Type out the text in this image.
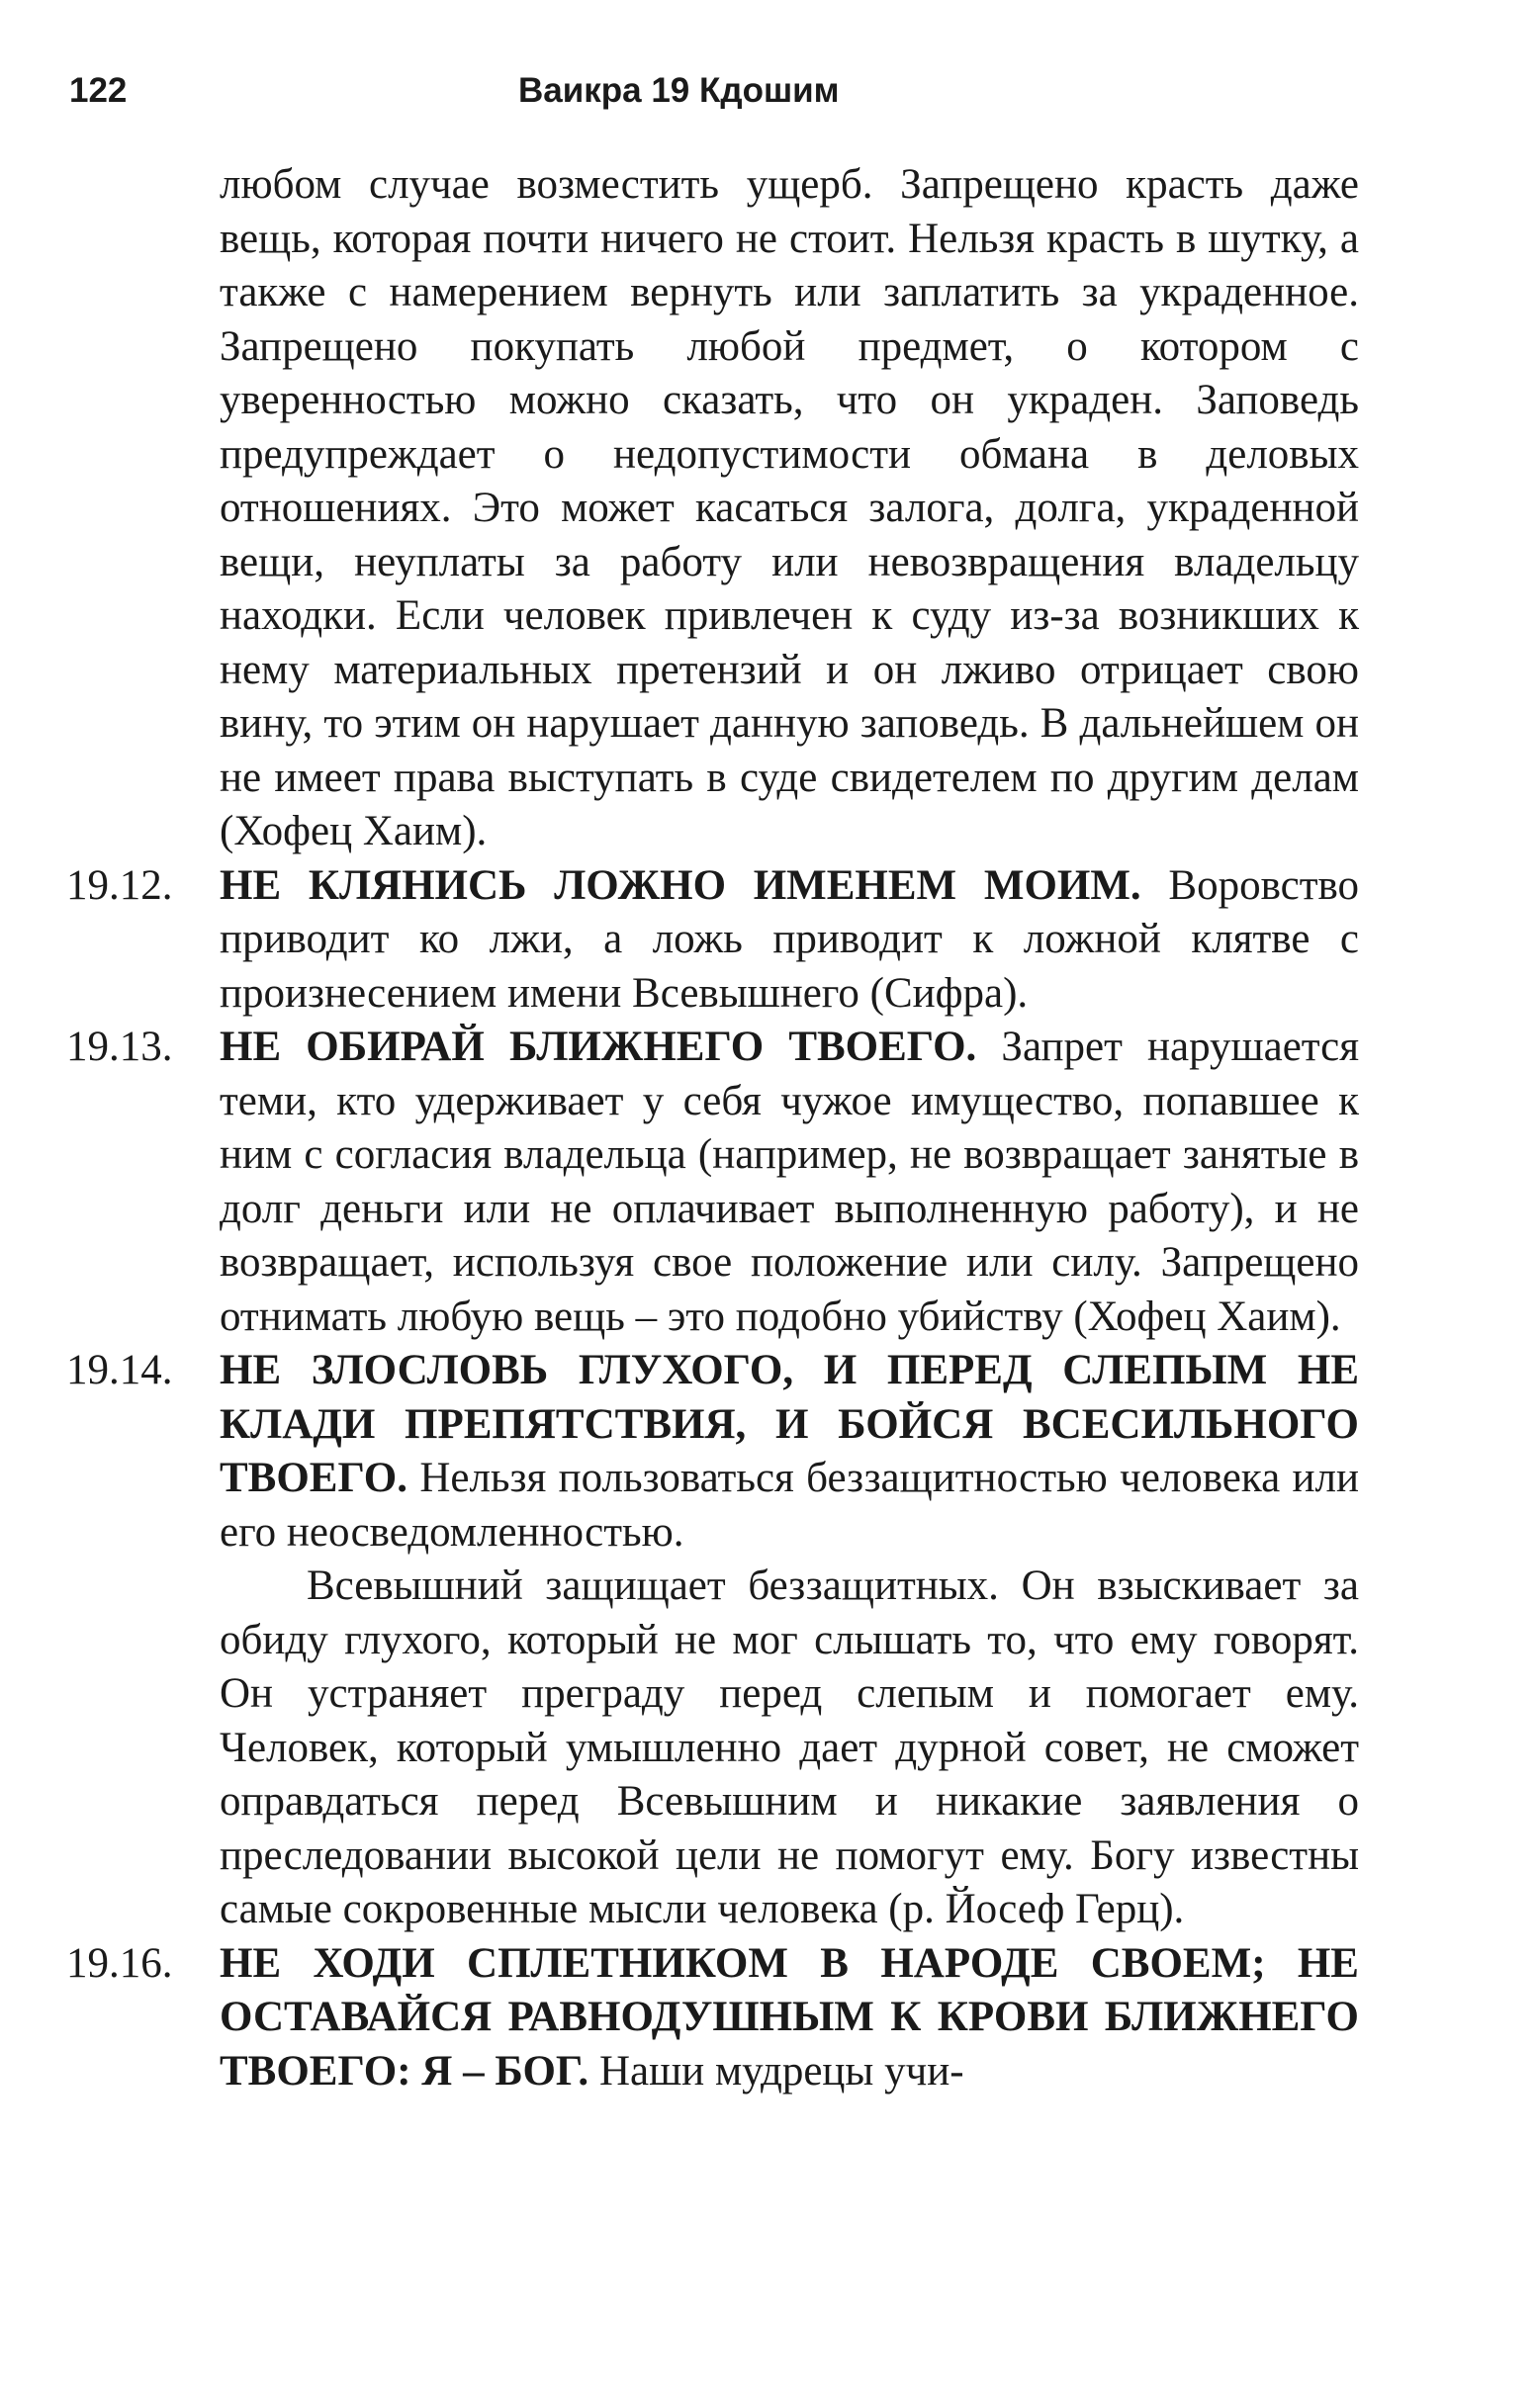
122	Ваикра 19 Кдошим

любом случае возместить ущерб. Запрещено красть даже вещь, которая почти ничего не стоит. Нельзя красть в шутку, а также с намерением вернуть или заплатить за украденное. Запрещено покупать любой предмет, о котором с уверенностью можно сказать, что он украден. Заповедь предупреждает о недопустимости обмана в деловых отношениях. Это может касаться залога, долга, украденной вещи, неуплаты за работу или невозвращения владельцу находки. Если человек привлечен к суду из-за возникших к нему материальных претензий и он лживо отрицает свою вину, то этим он нарушает данную заповедь. В дальнейшем он не имеет права выступать в суде свидетелем по другим делам (Хофец Хаим).

19.12. НЕ КЛЯНИСЬ ЛОЖНО ИМЕНЕМ МОИМ. Воровство приводит ко лжи, а ложь приводит к ложной клятве с произнесением имени Всевышнего (Сифра).

19.13. НЕ ОБИРАЙ БЛИЖНЕГО ТВОЕГО. Запрет нарушается теми, кто удерживает у себя чужое имущество, попавшее к ним с согласия владельца (например, не возвращает занятые в долг деньги или не оплачивает выполненную работу), и не возвращает, используя свое положение или силу. Запрещено отнимать любую вещь – это подобно убийству (Хофец Хаим).

19.14. НЕ ЗЛОСЛОВЬ ГЛУХОГО, И ПЕРЕД СЛЕПЫМ НЕ КЛАДИ ПРЕПЯТСТВИЯ, И БОЙСЯ ВСЕСИЛЬНОГО ТВОЕГО. Нельзя пользоваться беззащитностью человека или его неосведомленностью.

Всевышний защищает беззащитных. Он взыскивает за обиду глухого, который не мог слышать то, что ему говорят. Он устраняет преграду перед слепым и помогает ему. Человек, который умышленно дает дурной совет, не сможет оправдаться перед Всевышним и никакие заявления о преследовании высокой цели не помогут ему. Богу известны самые сокровенные мысли человека (р. Йосеф Герц).

19.16. НЕ ХОДИ СПЛЕТНИКОМ В НАРОДЕ СВОЕМ; НЕ ОСТАВАЙСЯ РАВНОДУШНЫМ К КРОВИ БЛИЖНЕГО ТВОЕГО: Я – БОГ. Наши мудрецы учи-
